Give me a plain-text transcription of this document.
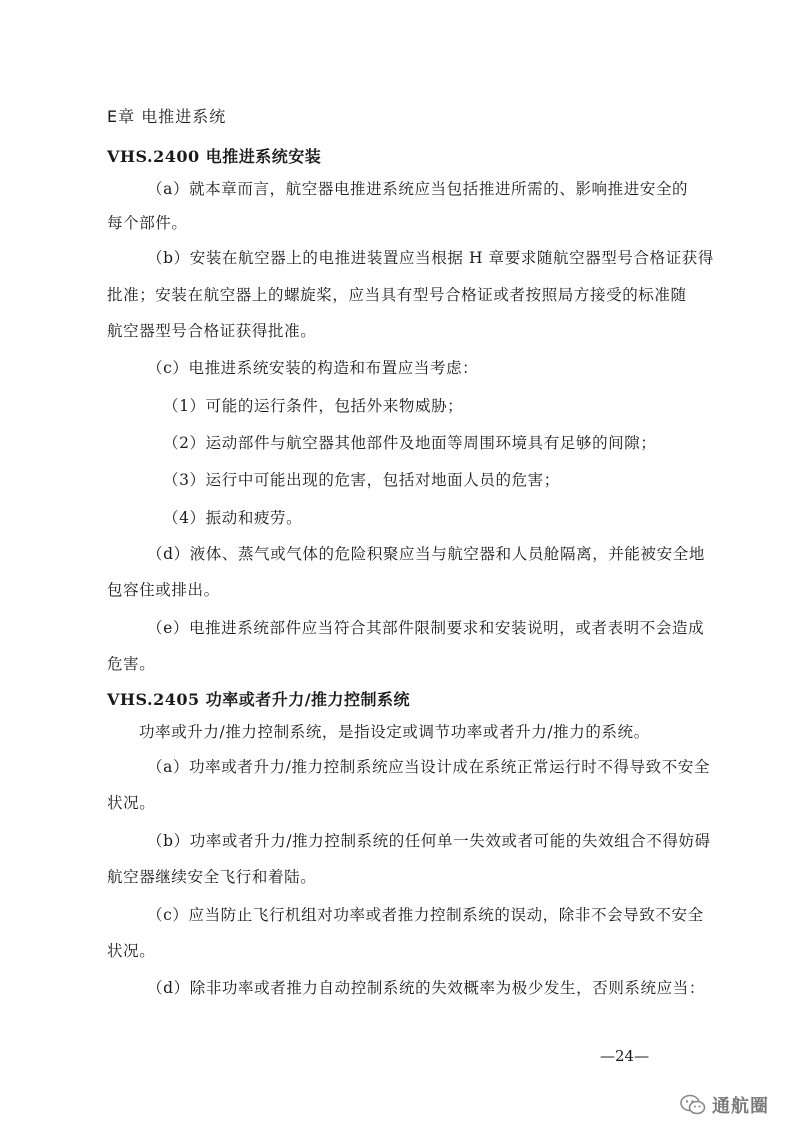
E章 电推进系统
VHS.2400 电推进系统安装
（a）就本章而言，航空器电推进系统应当包括推进所需的、影响推进安全的
每个部件。
（b）安装在航空器上的电推进装置应当根据 H 章要求随航空器型号合格证获得
批准；安装在航空器上的螺旋桨，应当具有型号合格证或者按照局方接受的标准随
航空器型号合格证获得批准。
（c）电推进系统安装的构造和布置应当考虑：
（1）可能的运行条件，包括外来物威胁；
（2）运动部件与航空器其他部件及地面等周围环境具有足够的间隙；
（3）运行中可能出现的危害，包括对地面人员的危害；
（4）振动和疲劳。
（d）液体、蒸气或气体的危险积聚应当与航空器和人员舱隔离，并能被安全地
包容住或排出。
（e）电推进系统部件应当符合其部件限制要求和安装说明，或者表明不会造成
危害。
VHS.2405 功率或者升力/推力控制系统
功率或升力/推力控制系统，是指设定或调节功率或者升力/推力的系统。
（a）功率或者升力/推力控制系统应当设计成在系统正常运行时不得导致不安全
状况。
（b）功率或者升力/推力控制系统的任何单一失效或者可能的失效组合不得妨碍
航空器继续安全飞行和着陆。
（c）应当防止飞行机组对功率或者推力控制系统的误动，除非不会导致不安全
状况。
（d）除非功率或者推力自动控制系统的失效概率为极少发生，否则系统应当：
—24—
通航圈
